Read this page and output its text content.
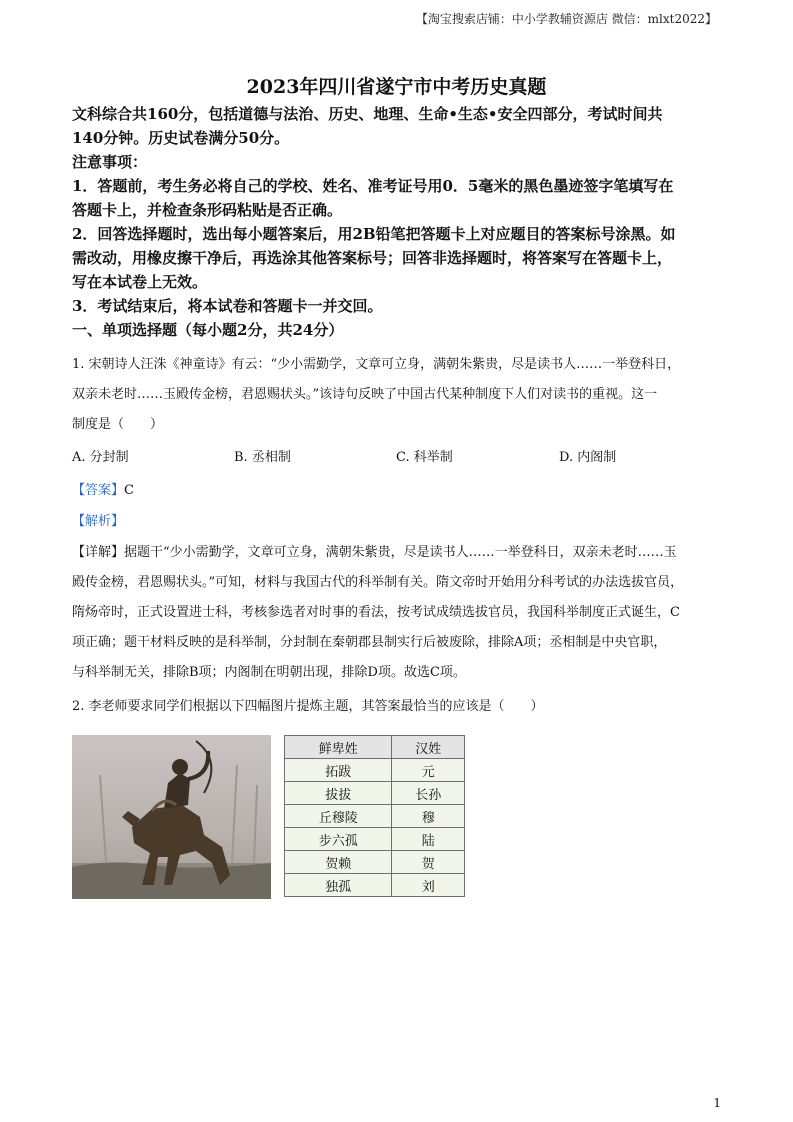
【淘宝搜索店铺：中小学教辅资源店 微信：mlxt2022】
2023年四川省遂宁市中考历史真题
文科综合共160分，包括道德与法治、历史、地理、生命•生态•安全四部分，考试时间共
140分钟。历史试卷满分50分。
注意事项：
1．答题前，考生务必将自己的学校、姓名、准考证号用0．5毫米的黑色墨迹签字笔填写在
答题卡上，并检查条形码粘贴是否正确。
2．回答选择题时，选出每小题答案后，用2B铅笔把答题卡上对应题目的答案标号涂黑。如
需改动，用橡皮擦干净后，再选涂其他答案标号；回答非选择题时，将答案写在答题卡上，
写在本试卷上无效。
3．考试结束后，将本试卷和答题卡一并交回。
一、单项选择题（每小题2分，共24分）
1. 宋朝诗人汪洙《神童诗》有云：“少小需勤学，文章可立身，满朝朱紫贵，尽是读书人……一举登科日，
双亲未老时……玉殿传金榜，君恩赐状头。”该诗句反映了中国古代某种制度下人们对读书的重视。这一
制度是（　　）
A. 分封制	B. 丞相制	C. 科举制	D. 内阁制
【答案】C
【解析】
【详解】据题干“少小需勤学，文章可立身，满朝朱紫贵，尽是读书人……一举登科日，双亲未老时……玉
殿传金榜，君恩赐状头。”可知，材料与我国古代的科举制有关。隋文帝时开始用分科考试的办法选拔官员，
隋炀帝时，正式设置进士科，考核参选者对时事的看法，按考试成绩选拔官员，我国科举制度正式诞生，C
项正确；题干材料反映的是科举制，分封制在秦朝郡县制实行后被废除，排除A项；丞相制是中央官职，
与科举制无关，排除B项；内阁制在明朝出现，排除D项。故选C项。
2. 李老师要求同学们根据以下四幅图片提炼主题，其答案最恰当的应该是（　　）
鲜卑姓	汉姓
拓跋	元
拔拔	长孙
丘穆陵	穆
步六孤	陆
贺赖	贺
独孤	刘
1
